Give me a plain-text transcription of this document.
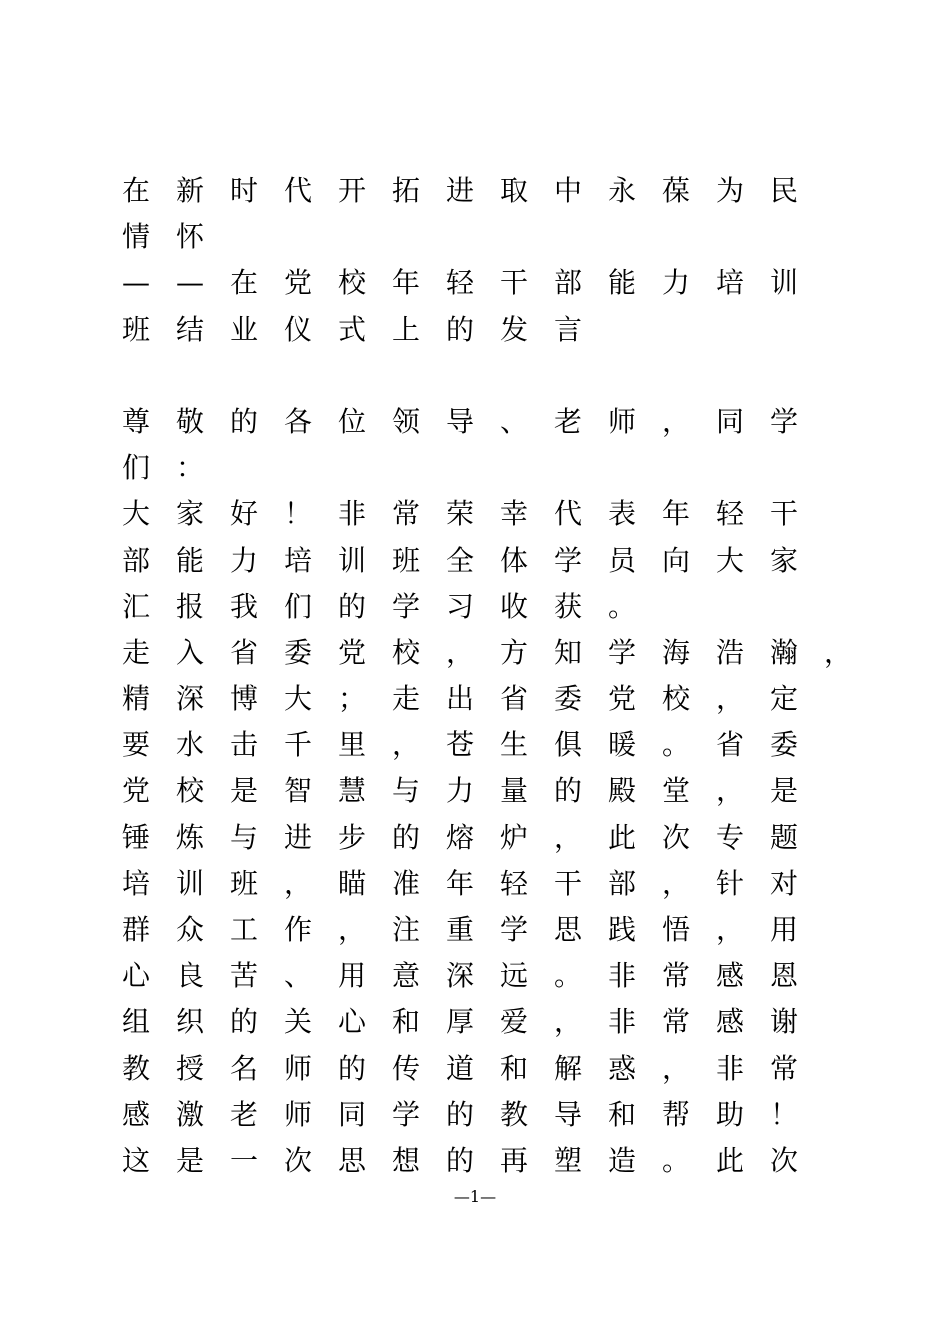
在新时代开拓进取中永葆为民
情怀
——在党校年轻干部能力培训
班结业仪式上的发言
尊敬的各位领导、老师，同学
们：
大家好！非常荣幸代表年轻干
部能力培训班全体学员向大家
汇报我们的学习收获。
走入省委党校，方知学海浩瀚，
精深博大；走出省委党校，定
要水击千里，苍生俱暖。省委
党校是智慧与力量的殿堂，是
锤炼与进步的熔炉，此次专题
培训班，瞄准年轻干部，针对
群众工作，注重学思践悟，用
心良苦、用意深远。非常感恩
组织的关心和厚爱，非常感谢
教授名师的传道和解惑，非常
感激老师同学的教导和帮助！
这是一次思想的再塑造。此次
—1—
